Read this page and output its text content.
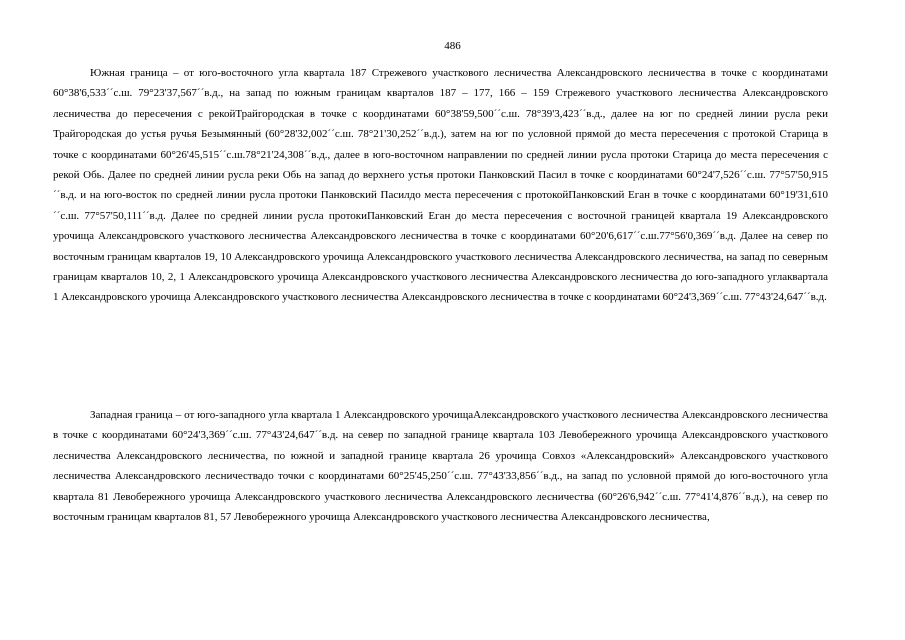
486

Южная граница – от юго-восточного угла квартала 187 Стрежевого участкового лесничества Александровского лесничества в точке с координатами 60°38'6,533´´с.ш. 79°23'37,567´´в.д., на запад по южным границам кварталов 187 – 177, 166 – 159 Стрежевого участкового лесничества Александровского лесничества до пересечения с рекойТрайгородская в точке с координатами 60°38'59,500´´с.ш. 78°39'3,423´´в.д., далее на юг по средней линии русла реки Трайгородская до устья ручья Безымянный (60°28'32,002´´с.ш. 78°21'30,252´´в.д.), затем на юг по условной прямой до места пересечения с протокой Старица в точке с координатами 60°26'45,515´´с.ш.78°21'24,308´´в.д., далее в юго-восточном направлении по средней линии русла протоки Старица до места пересечения с рекой Обь. Далее по средней линии русла реки Обь на запад до верхнего устья протоки Панковский Пасил в точке с координатами 60°24'7,526´´с.ш. 77°57'50,915´´в.д. и на юго-восток по средней линии русла протоки Панковский Пасилдо места пересечения с протокойПанковский Еган в точке с координатами 60°19'31,610´´с.ш. 77°57'50,111´´в.д. Далее по средней линии русла протокиПанковский Еган до места пересечения с восточной границей квартала 19 Александровского урочища Александровского участкового лесничества Александровского лесничества в точке с координатами 60°20'6,617´´с.ш.77°56'0,369´´в.д. Далее на север по восточным границам кварталов 19, 10 Александровского урочища Александровского участкового лесничества Александровского лесничества, на запад по северным границам кварталов 10, 2, 1 Александровского урочища Александровского участкового лесничества Александровского лесничества до юго-западного углаквартала 1 Александровского урочища Александровского участкового лесничества Александровского лесничества в точке с координатами 60°24'3,369´´с.ш. 77°43'24,647´´в.д.

Западная граница – от юго-западного угла квартала 1 Александровского урочищаАлександровского участкового лесничества Александровского лесничества в точке с координатами 60°24'3,369´´с.ш. 77°43'24,647´´в.д. на север по западной границе квартала 103 Левобережного урочища Александровского участкового лесничества Александровского лесничества, по южной и западной границе квартала 26 урочища Совхоз «Александровский» Александровского участкового лесничества Александровского лесничествадо точки с координатами 60°25'45,250´´с.ш. 77°43'33,856´´в.д., на запад по условной прямой до юго-восточного угла квартала 81 Левобережного урочища Александровского участкового лесничества Александровского лесничества (60°26'6,942´´с.ш. 77°41'4,876´´в.д.), на север по восточным границам кварталов 81, 57 Левобережного урочища Александровского участкового лесничества Александровского лесничества,
